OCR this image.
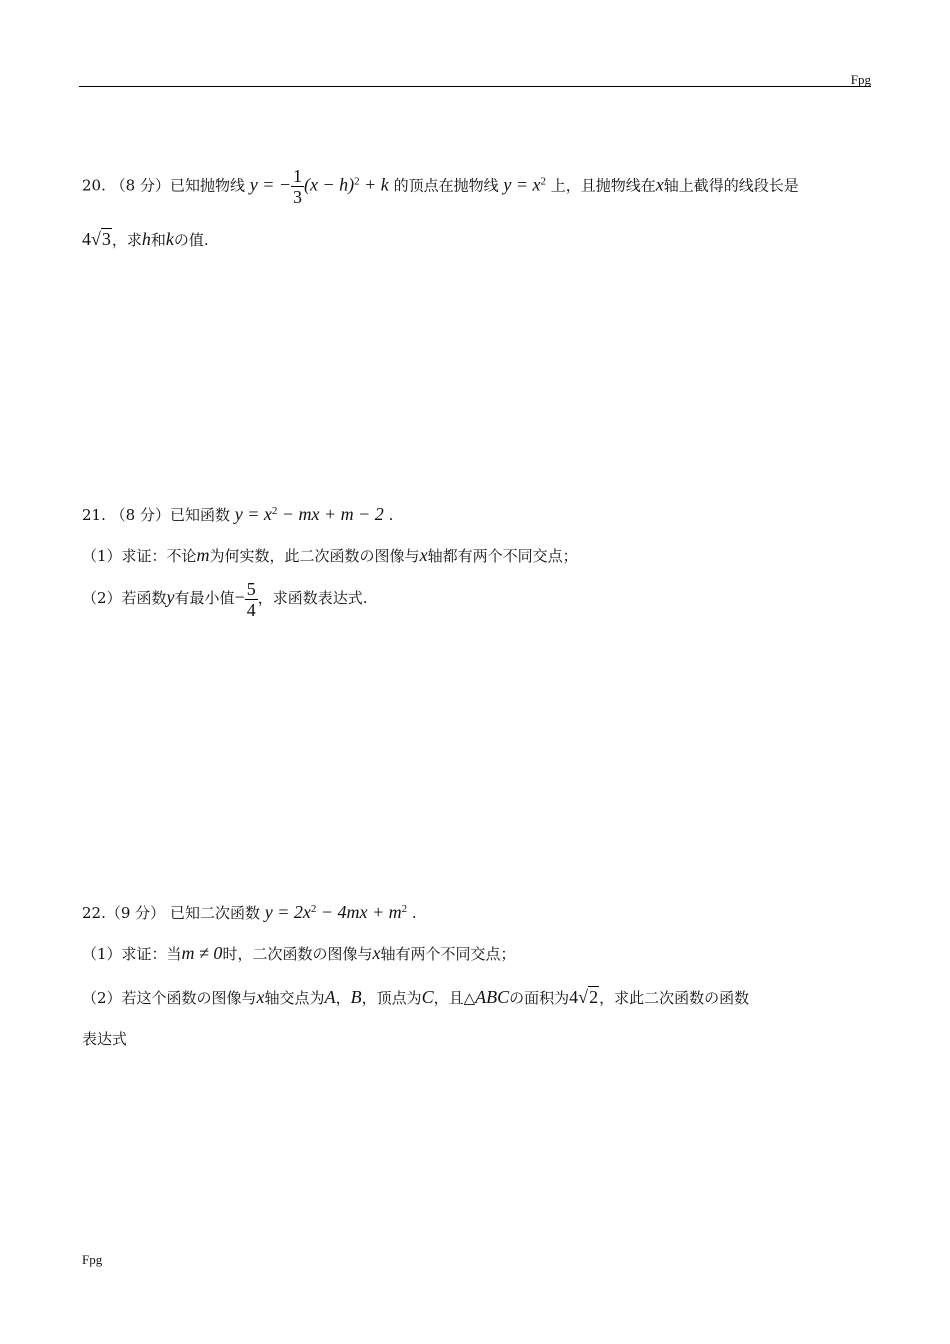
Fpg
20. （8 分）已知抛物线 y = − $\frac{1}{3} (x - h)^2 + k$ 的顶点在抛物线 $y = x^2$ 上，且抛物线在x轴上截得的线段长是
4√3，求h和kの值.
21. （8 分）已知函数 $y = x^2$ − mx + m − 2 .
（1）求证：不论m为何实数，此二次函数の图像与x轴都有两个不同交点；
（2）若函数y有最小值− $\frac{5}{4}$ ，求函数表达式.
22.（9 分） 已知二次函数 $y = 2x^2 - 4mx + m^2$ .
（1）求证：当m ≠ 0时，二次函数の图像与x轴有两个不同交点；
（2）若这个函数の图像与x轴交点为A，B，顶点为C，且△ABCの面积为4√2，求此二次函数の函数
表达式
Fpg
